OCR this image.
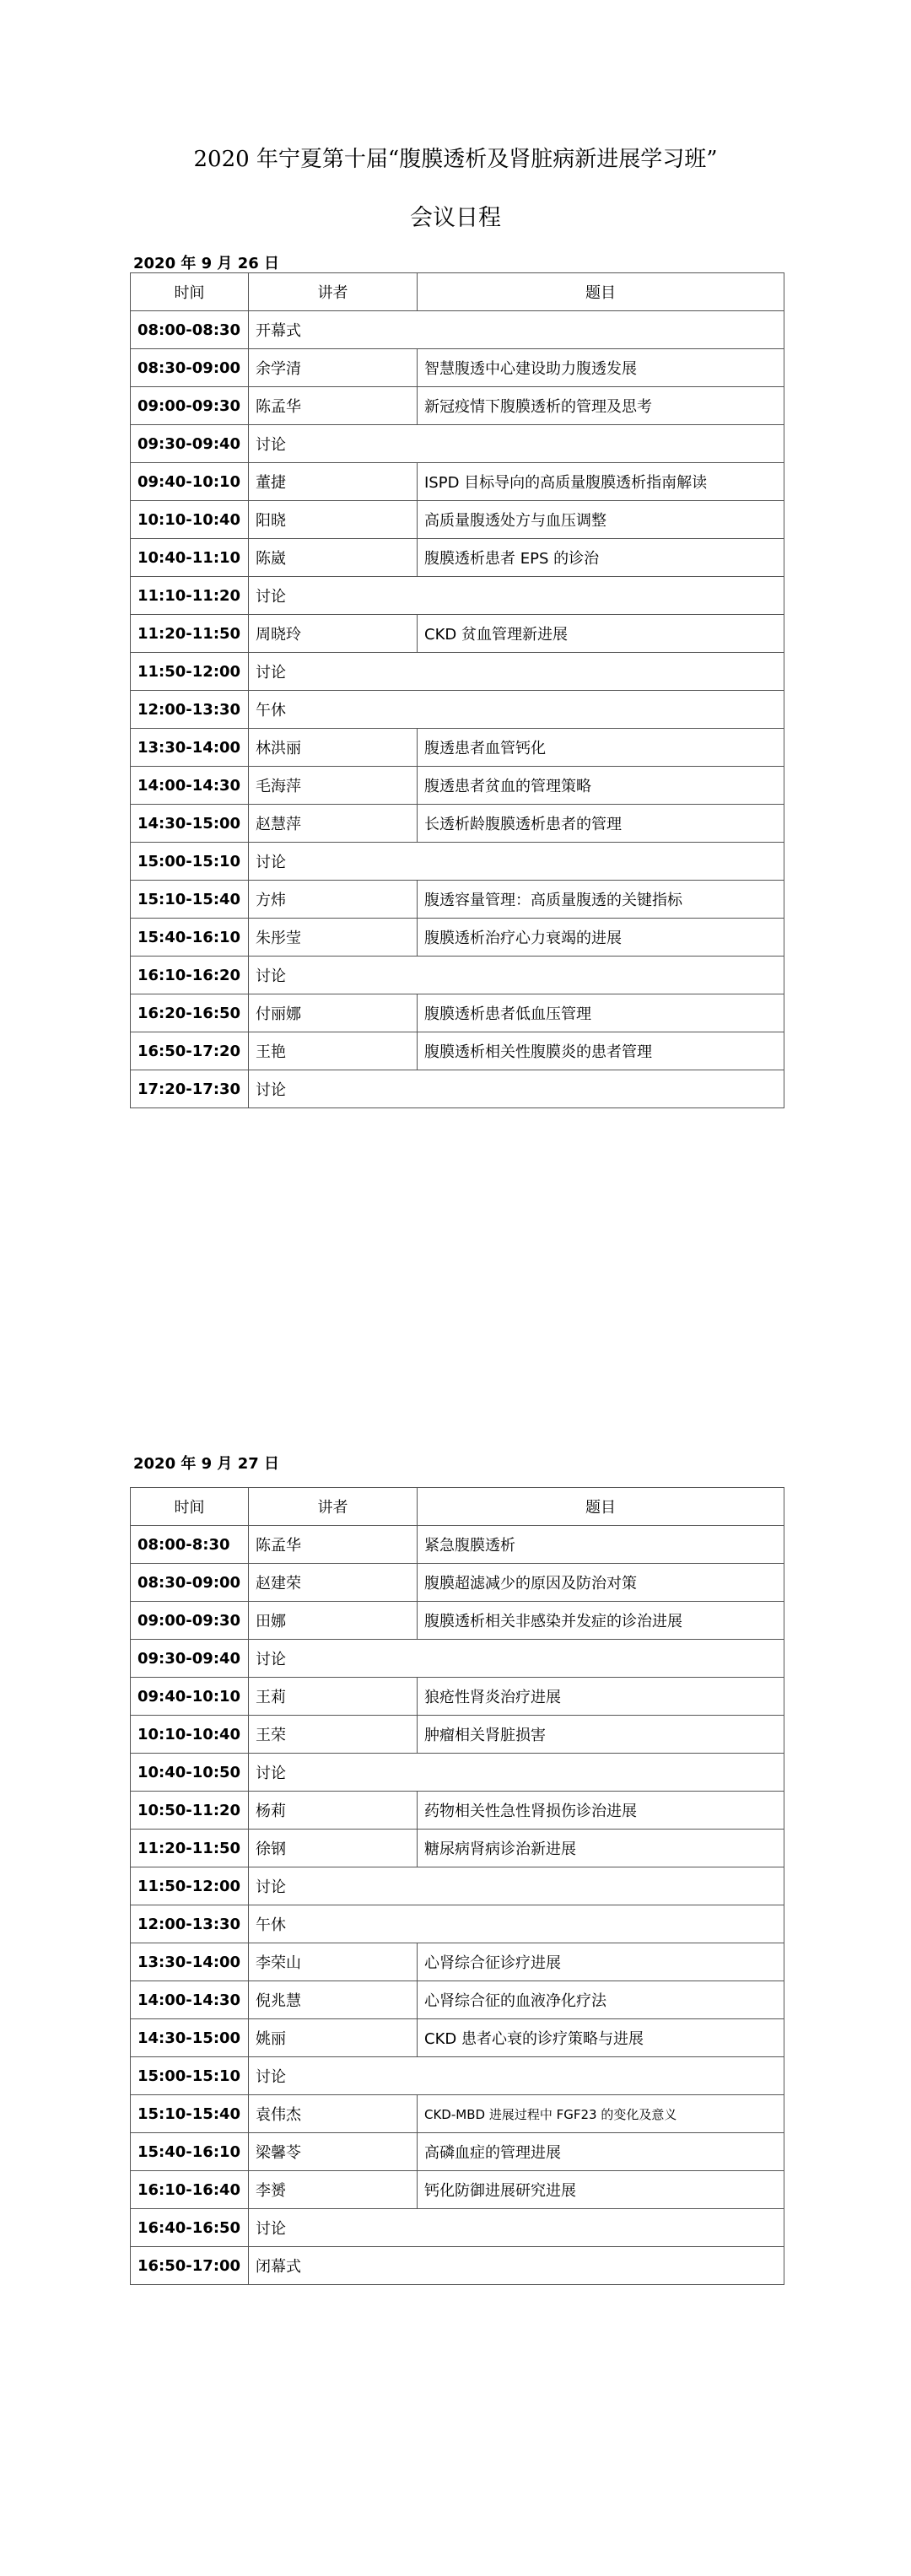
2020 年宁夏第十届“腹膜透析及肾脏病新进展学习班”
会议日程
2020 年 9 月 26 日
时间	讲者	题目
08:00-08:30	开幕式	
08:30-09:00	余学清	智慧腹透中心建设助力腹透发展
09:00-09:30	陈孟华	新冠疫情下腹膜透析的管理及思考
09:30-09:40	讨论	
09:40-10:10	董捷	ISPD 目标导向的高质量腹膜透析指南解读
10:10-10:40	阳晓	高质量腹透处方与血压调整
10:40-11:10	陈崴	腹膜透析患者 EPS 的诊治
11:10-11:20	讨论	
11:20-11:50	周晓玲	CKD 贫血管理新进展
11:50-12:00	讨论	
12:00-13:30	午休	
13:30-14:00	林洪丽	腹透患者血管钙化
14:00-14:30	毛海萍	腹透患者贫血的管理策略
14:30-15:00	赵慧萍	长透析龄腹膜透析患者的管理
15:00-15:10	讨论	
15:10-15:40	方炜	腹透容量管理：高质量腹透的关键指标
15:40-16:10	朱彤莹	腹膜透析治疗心力衰竭的进展
16:10-16:20	讨论	
16:20-16:50	付丽娜	腹膜透析患者低血压管理
16:50-17:20	王艳	腹膜透析相关性腹膜炎的患者管理
17:20-17:30	讨论	
2020 年 9 月 27 日
时间	讲者	题目
08:00-8:30	陈孟华	紧急腹膜透析
08:30-09:00	赵建荣	腹膜超滤减少的原因及防治对策
09:00-09:30	田娜	腹膜透析相关非感染并发症的诊治进展
09:30-09:40	讨论	
09:40-10:10	王莉	狼疮性肾炎治疗进展
10:10-10:40	王荣	肿瘤相关肾脏损害
10:40-10:50	讨论	
10:50-11:20	杨莉	药物相关性急性肾损伤诊治进展
11:20-11:50	徐钢	糖尿病肾病诊治新进展
11:50-12:00	讨论	
12:00-13:30	午休	
13:30-14:00	李荣山	心肾综合征诊疗进展
14:00-14:30	倪兆慧	心肾综合征的血液净化疗法
14:30-15:00	姚丽	CKD 患者心衰的诊疗策略与进展
15:00-15:10	讨论	
15:10-15:40	袁伟杰	CKD-MBD 进展过程中 FGF23 的变化及意义
15:40-16:10	梁馨苓	高磷血症的管理进展
16:10-16:40	李赟	钙化防御进展研究进展
16:40-16:50	讨论	
16:50-17:00	闭幕式	
